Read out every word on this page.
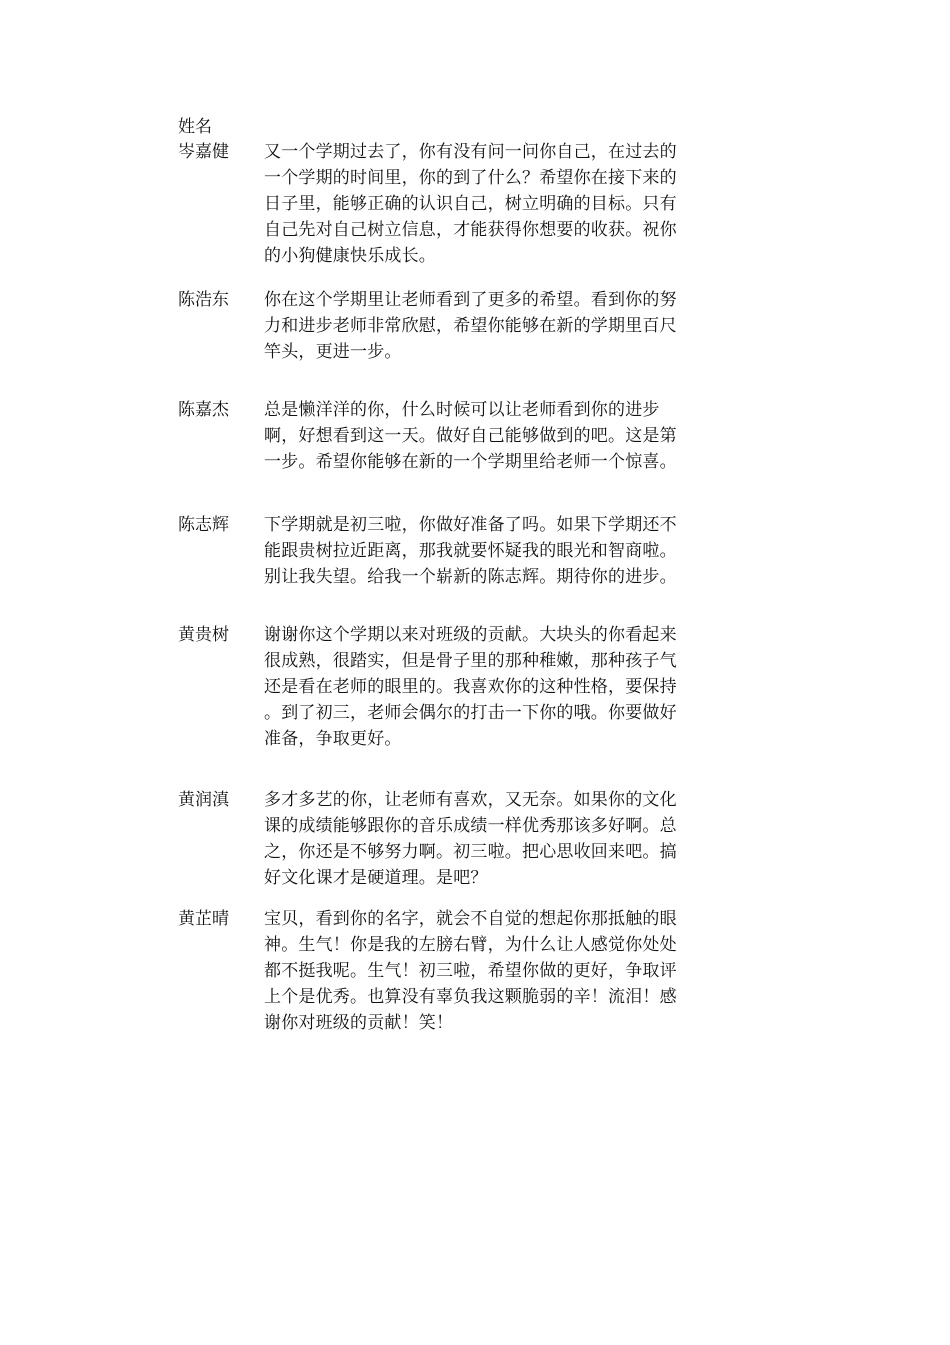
姓名
岑嘉健	又一个学期过去了，你有没有问一问你自己，在过去的
一个学期的时间里，你的到了什么？希望你在接下来的
日子里，能够正确的认识自己，树立明确的目标。只有
自己先对自己树立信息，才能获得你想要的收获。祝你
的小狗健康快乐成长。
陈浩东	你在这个学期里让老师看到了更多的希望。看到你的努
力和进步老师非常欣慰，希望你能够在新的学期里百尺
竿头，更进一步。
陈嘉杰	总是懒洋洋的你，什么时候可以让老师看到你的进步
啊，好想看到这一天。做好自己能够做到的吧。这是第
一步。希望你能够在新的一个学期里给老师一个惊喜。
陈志辉	下学期就是初三啦，你做好准备了吗。如果下学期还不
能跟贵树拉近距离，那我就要怀疑我的眼光和智商啦。
别让我失望。给我一个崭新的陈志辉。期待你的进步。
黄贵树	谢谢你这个学期以来对班级的贡献。大块头的你看起来
很成熟，很踏实，但是骨子里的那种稚嫩，那种孩子气
还是看在老师的眼里的。我喜欢你的这种性格，要保持
。到了初三，老师会偶尔的打击一下你的哦。你要做好
准备，争取更好。
黄润滇	多才多艺的你，让老师有喜欢，又无奈。如果你的文化
课的成绩能够跟你的音乐成绩一样优秀那该多好啊。总
之，你还是不够努力啊。初三啦。把心思收回来吧。搞
好文化课才是硬道理。是吧？
黄芷晴	宝贝，看到你的名字，就会不自觉的想起你那抵触的眼
神。生气！你是我的左膀右臂，为什么让人感觉你处处
都不挺我呢。生气！初三啦，希望你做的更好，争取评
上个是优秀。也算没有辜负我这颗脆弱的辛！流泪！感
谢你对班级的贡献！笑！
